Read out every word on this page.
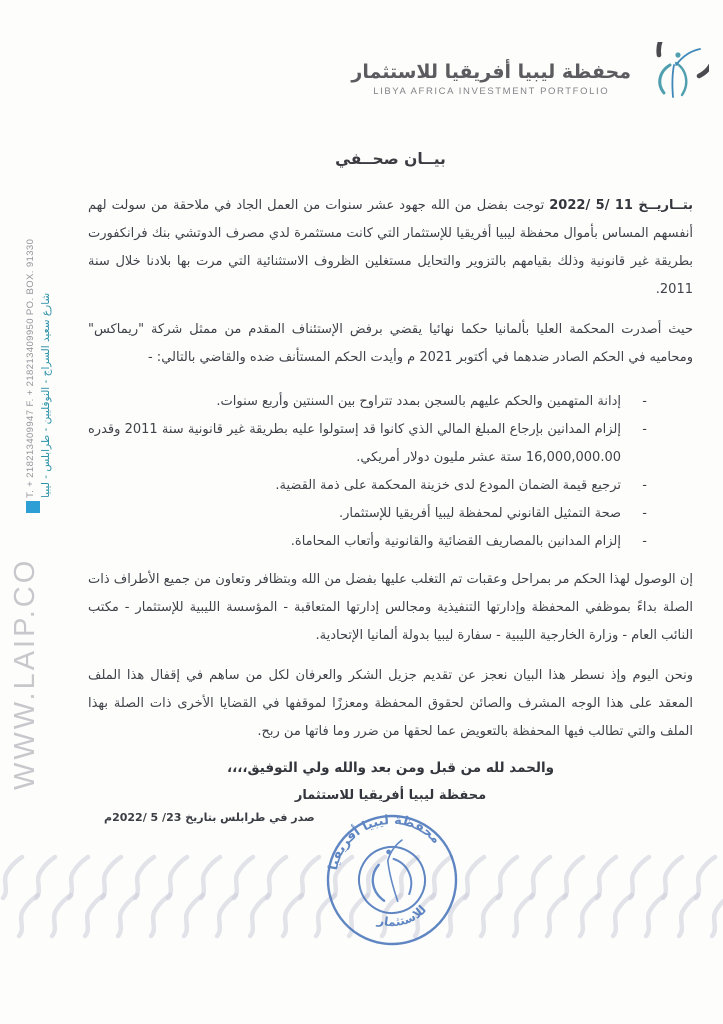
T. + 218213409947 F. + 218213409950 PO. BOX. 91330 شارع سعيد السراج - النوفليين - طرابلس - ليبيا
WWW.LAIP.CO
محفظة ليبيا أفريقيا للاستثمار
LIBYA AFRICA INVESTMENT PORTFOLIO
بيــان صحــفي

بتــاريــخ 11 /5 /2022 توجت بفضل من الله جهود عشر سنوات من العمل الجاد في ملاحقة من سولت لهم أنفسهم المساس بأموال محفظة ليبيا أفريقيا للإستثمار التي كانت مستثمرة لدي مصرف الدوتشي بنك فرانكفورت بطريقة غير قانونية وذلك بقيامهم بالتزوير والتحايل مستغلين الظروف الاستثنائية التي مرت بها بلادنا خلال سنة 2011.

حيث أصدرت المحكمة العليا بألمانيا حكما نهائيا يقضي برفض الإستئناف المقدم من ممثل شركة "ريماكس" ومحاميه في الحكم الصادر ضدهما في أكتوبر 2021 م وأيدت الحكم المستأنف ضده والقاضي بالتالي: -

- إدانة المتهمين والحكم عليهم بالسجن بمدد تتراوح بين السنتين وأربع سنوات.
- إلزام المدانين بإرجاع المبلغ المالي الذي كانوا قد إستولوا عليه بطريقة غير قانونية سنة 2011 وقدره 16,000,000.00 ستة عشر مليون دولار أمريكي.
- ترجيع قيمة الضمان المودع لدى خزينة المحكمة على ذمة القضية.
- صحة التمثيل القانوني لمحفظة ليبيا أفريقيا للإستثمار.
- إلزام المدانين بالمصاريف القضائية والقانونية وأتعاب المحاماة.

إن الوصول لهذا الحكم مر بمراحل وعقبات تم التغلب عليها بفضل من الله وبتظافر وتعاون من جميع الأطراف ذات الصلة بداءً بموظفي المحفظة وإدارتها التنفيذية ومجالس إدارتها المتعاقبة - المؤسسة الليبية للإستثمار - مكتب النائب العام - وزارة الخارجية الليبية - سفارة ليبيا بدولة ألمانيا الإتحادية.

ونحن اليوم وإذ نسطر هذا البيان نعجز عن تقديم جزيل الشكر والعرفان لكل من ساهم في إقفال هذا الملف المعقد على هذا الوجه المشرف والصائن لحقوق المحفظة ومعززًا لموقفها في القضايا الأخرى ذات الصلة بهذا الملف والتي تطالب فيها المحفظة بالتعويض عما لحقها من ضرر وما فاتها من ربح.

والحمد لله من قبل ومن بعد والله ولي التوفيق،،،،

محفظة ليبيا أفريقيا للاستثمار

صدر في طرابلس بتاريخ 23/ 5 /2022م

محفظة ليبيا أفريقيا
للاستثمار
